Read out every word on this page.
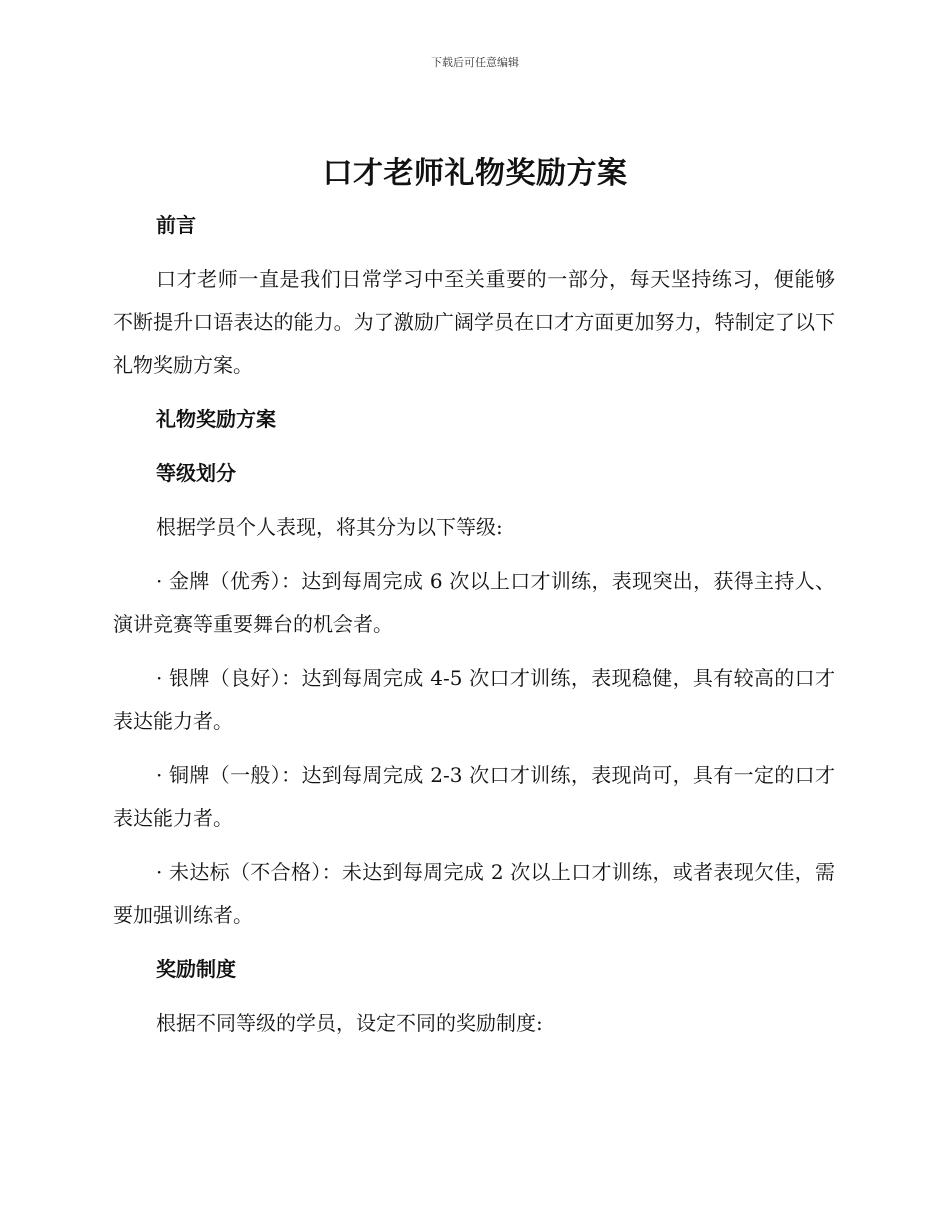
下载后可任意编辑
口才老师礼物奖励方案
前言
口才老师一直是我们日常学习中至关重要的一部分，每天坚持练习，便能够不断提升口语表达的能力。为了激励广阔学员在口才方面更加努力，特制定了以下礼物奖励方案。
礼物奖励方案
等级划分
根据学员个人表现，将其分为以下等级:
· 金牌（优秀）：达到每周完成 6 次以上口才训练，表现突出，获得主持人、演讲竞赛等重要舞台的机会者。
· 银牌（良好）：达到每周完成 4-5 次口才训练，表现稳健，具有较高的口才表达能力者。
· 铜牌（一般）：达到每周完成 2-3 次口才训练，表现尚可，具有一定的口才表达能力者。
· 未达标（不合格）：未达到每周完成 2 次以上口才训练，或者表现欠佳，需要加强训练者。
奖励制度
根据不同等级的学员，设定不同的奖励制度:
